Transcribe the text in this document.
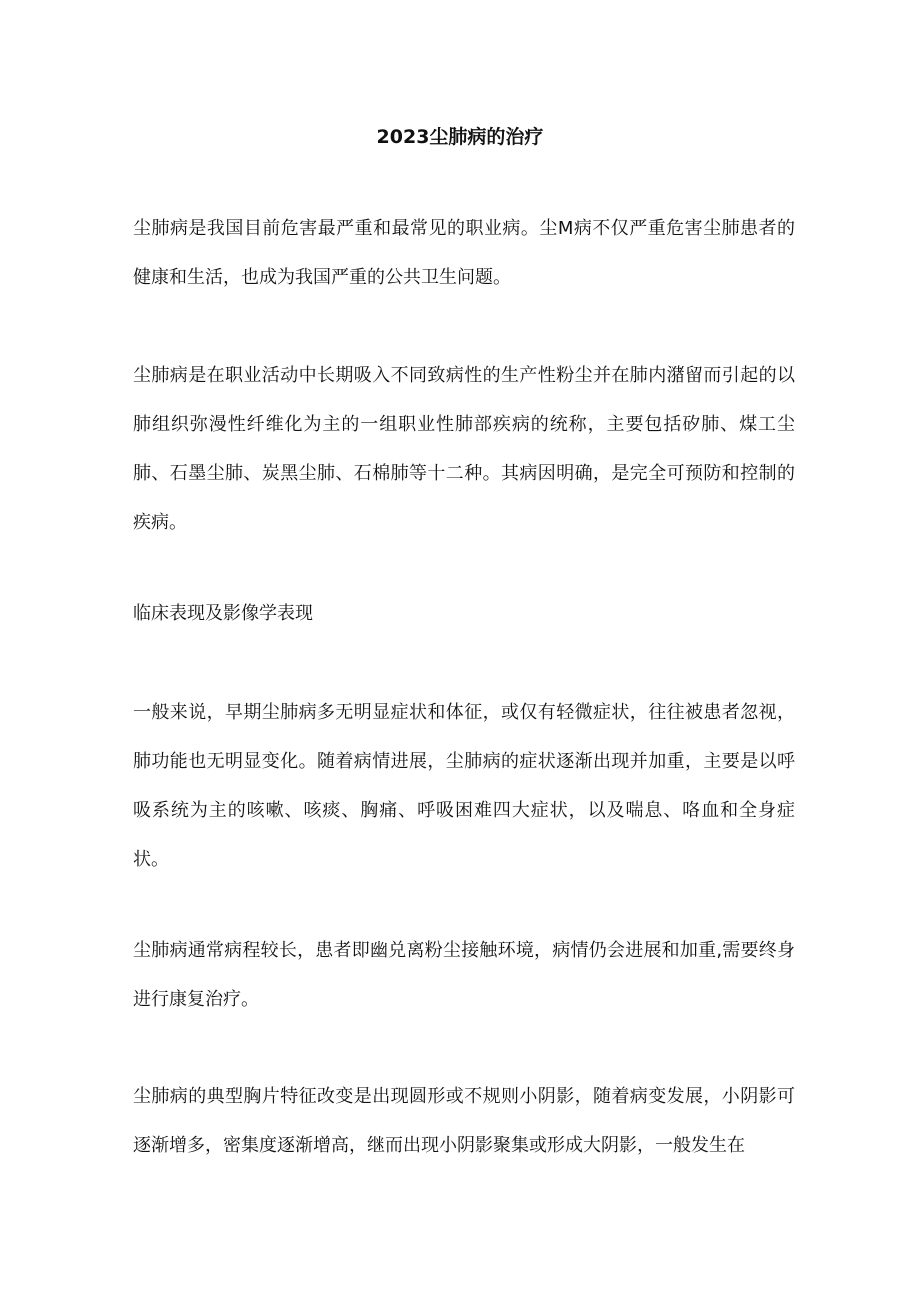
2023尘肺病的治疗

尘肺病是我国目前危害最严重和最常见的职业病。尘M病不仅严重危害尘肺患者的健康和生活，也成为我国严重的公共卫生问题。

尘肺病是在职业活动中长期吸入不同致病性的生产性粉尘并在肺内潴留而引起的以肺组织弥漫性纤维化为主的一组职业性肺部疾病的统称，主要包括矽肺、煤工尘肺、石墨尘肺、炭黑尘肺、石棉肺等十二种。其病因明确，是完全可预防和控制的疾病。

临床表现及影像学表现

一般来说，早期尘肺病多无明显症状和体征，或仅有轻微症状，往往被患者忽视，肺功能也无明显变化。随着病情进展，尘肺病的症状逐渐出现并加重，主要是以呼吸系统为主的咳嗽、咳痰、胸痛、呼吸困难四大症状，以及喘息、咯血和全身症状。

尘肺病通常病程较长，患者即幽兑离粉尘接触环境，病情仍会进展和加重,需要终身进行康复治疗。

尘肺病的典型胸片特征改变是出现圆形或不规则小阴影，随着病变发展，小阴影可逐渐增多，密集度逐渐增高，继而出现小阴影聚集或形成大阴影，一般发生在
